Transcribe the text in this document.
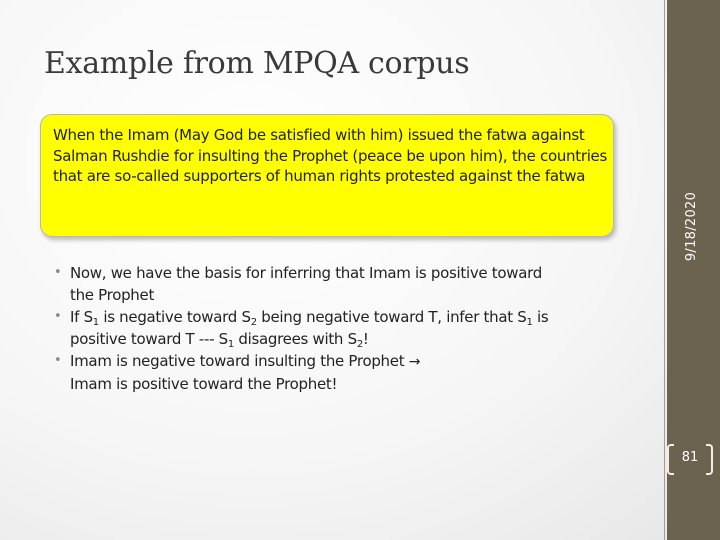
9/18/2020
Example from MPQA corpus

When the Imam (May God be satisfied with him) issued the fatwa against Salman Rushdie for insulting the Prophet (peace be upon him), the countries that are so-called supporters of human rights protested against the fatwa

• Now, we have the basis for inferring that Imam is positive toward
the Prophet
• If $S_1$ is negative toward $S_2$ being negative toward T, infer that $S_1$ is
positive toward T --- $S_1$ disagrees with $S_2$!
• Imam is negative toward insulting the Prophet →
Imam is positive toward the Prophet!
81
